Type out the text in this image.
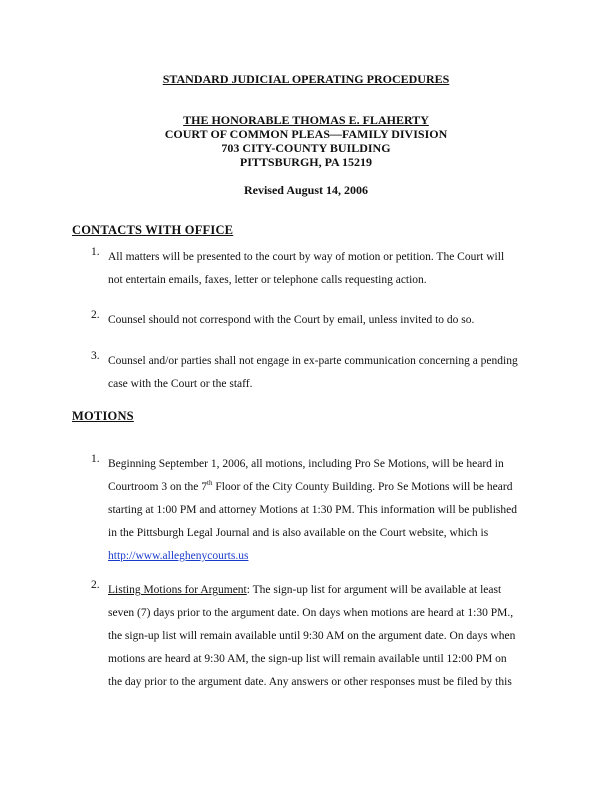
STANDARD JUDICIAL OPERATING PROCEDURES

THE HONORABLE THOMAS E. FLAHERTY

COURT OF COMMON PLEAS—FAMILY DIVISION

703 CITY-COUNTY BUILDING

PITTSBURGH, PA 15219

Revised August 14, 2006

CONTACTS WITH OFFICE

1. All matters will be presented to the court by way of motion or petition. The Court will
not entertain emails, faxes, letter or telephone calls requesting action.
2. Counsel should not correspond with the Court by email, unless invited to do so.
3. Counsel and/or parties shall not engage in ex-parte communication concerning a pending
case with the Court or the staff.

MOTIONS

1. Beginning September 1, 2006, all motions, including Pro Se Motions, will be heard in
Courtroom 3 on the 7th Floor of the City County Building. Pro Se Motions will be heard
starting at 1:00 PM and attorney Motions at 1:30 PM. This information will be published
in the Pittsburgh Legal Journal and is also available on the Court website, which is
http://www.alleghenycourts.us
2. Listing Motions for Argument: The sign-up list for argument will be available at least
seven (7) days prior to the argument date. On days when motions are heard at 1:30 PM.,
the sign-up list will remain available until 9:30 AM on the argument date. On days when
motions are heard at 9:30 AM, the sign-up list will remain available until 12:00 PM on
the day prior to the argument date. Any answers or other responses must be filed by this
